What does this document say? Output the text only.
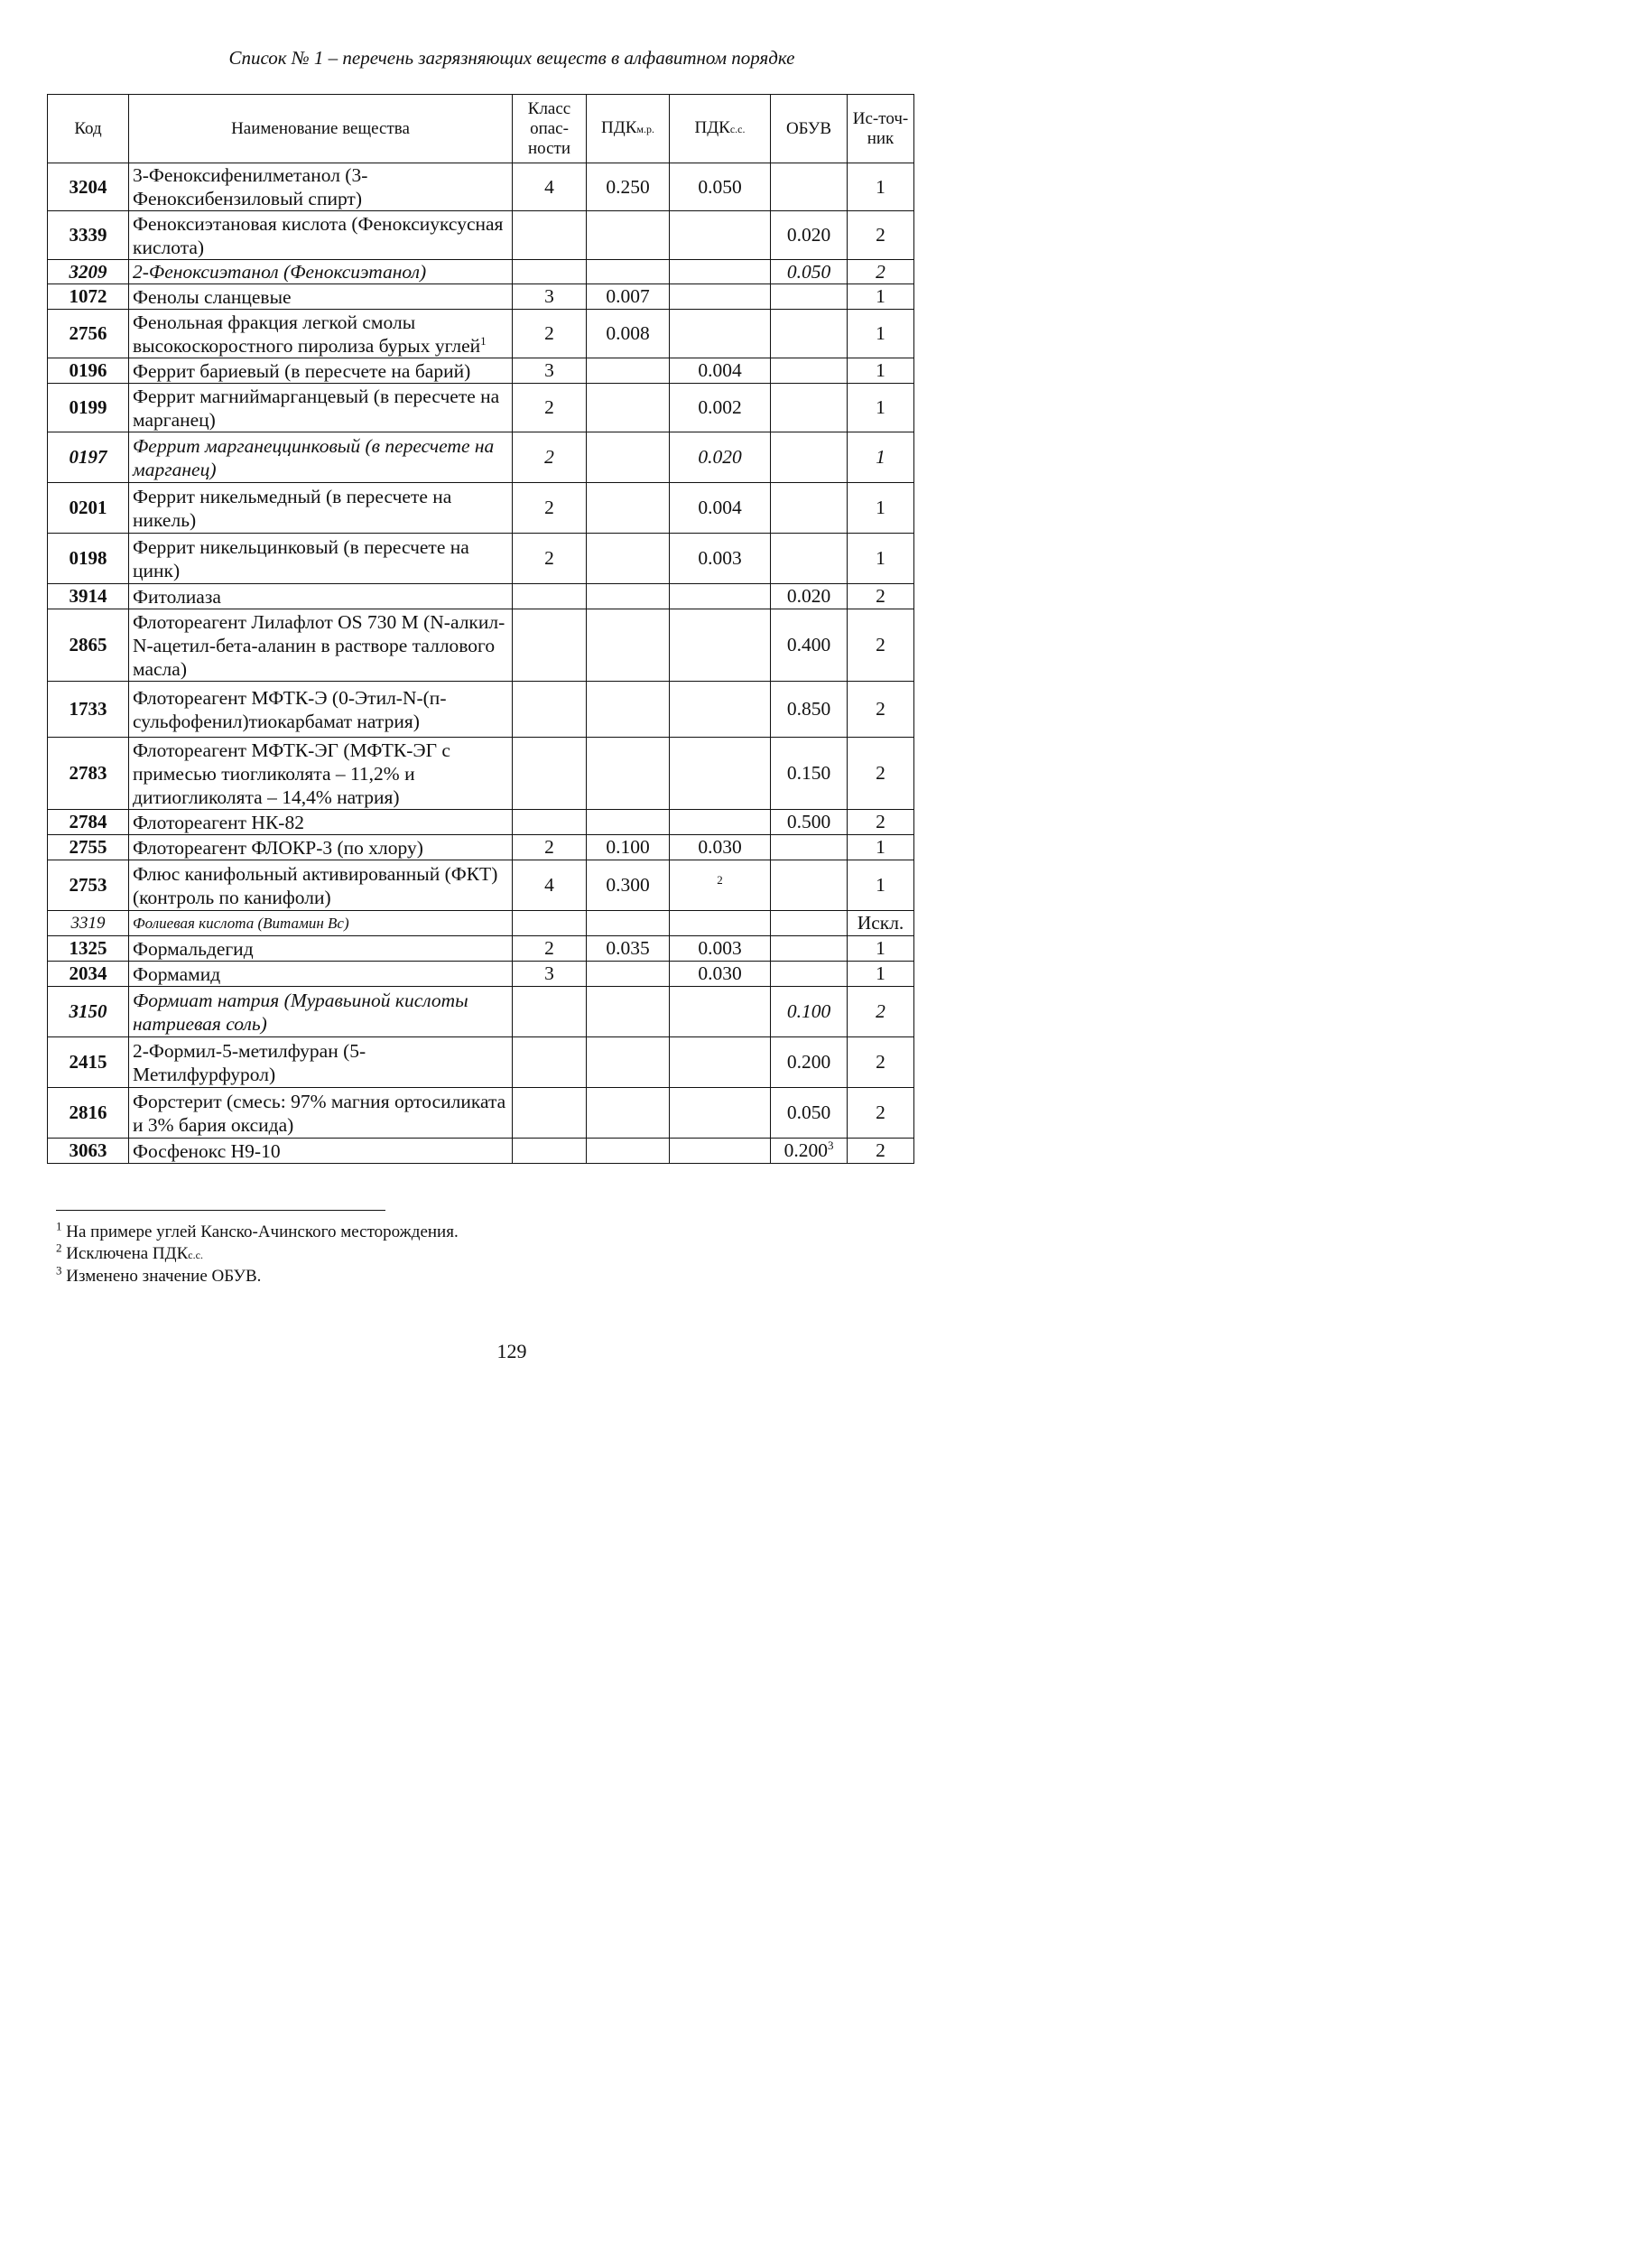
Список № 1 – перечень загрязняющих веществ в алфавитном порядке
Код	Наименование вещества	Класс опас-ности	ПДКм.р.	ПДКс.с.	ОБУВ	Ис-точ-ник
3204	3-Феноксифенилметанол (3-Феноксибензиловый спирт)	4	0.250	0.050		1
3339	Феноксиэтановая кислота (Феноксиуксусная кислота)				0.020	2
3209	2-Феноксиэтанол (Феноксиэтанол)				0.050	2
1072	Фенолы сланцевые	3	0.007			1
2756	Фенольная фракция легкой смолы высокоскоростного пиролиза бурых углей$^1$	2	0.008			1
0196	Феррит бариевый (в пересчете на барий)	3		0.004		1
0199	Феррит магниймарганцевый (в пересчете на марганец)	2		0.002		1
0197	Феррит марганеццинковый (в пересчете на марганец)	2		0.020		1
0201	Феррит никельмедный (в пересчете на никель)	2		0.004		1
0198	Феррит никельцинковый (в пересчете на цинк)	2		0.003		1
3914	Фитолиаза				0.020	2
2865	Флотореагент Лилафлот OS 730 M (N-алкил-N-ацетил-бета-аланин в растворе таллового масла)				0.400	2
1733	Флотореагент МФТК-Э (0-Этил-N-(п-сульфофенил)тиокарбамат натрия)				0.850	2
2783	Флотореагент МФТК-ЭГ (МФТК-ЭГ с примесью тиогликолята – 11,2% и дитиогликолята – 14,4% натрия)				0.150	2
2784	Флотореагент НК-82				0.500	2
2755	Флотореагент ФЛОКР-3 (по хлору)	2	0.100	0.030		1
2753	Флюс канифольный активированный (ФКТ) (контроль по канифоли)	4	0.300	$^2$		1
3319	Фолиевая кислота (Витамин Вс)					Искл.
1325	Формальдегид	2	0.035	0.003		1
2034	Формамид	3		0.030		1
3150	Формиат натрия (Муравьиной кислоты натриевая соль)				0.100	2
2415	2-Формил-5-метилфуран (5-Метилфурфурол)				0.200	2
2816	Форстерит (смесь: 97% магния ортосиликата и 3% бария оксида)				0.050	2
3063	Фосфенокс Н9-10				0.200$^3$	2
$^1$ На примере углей Канско-Ачинского месторождения.
$^2$ Исключена ПДКс.с.
$^3$ Изменено значение ОБУВ.
129
